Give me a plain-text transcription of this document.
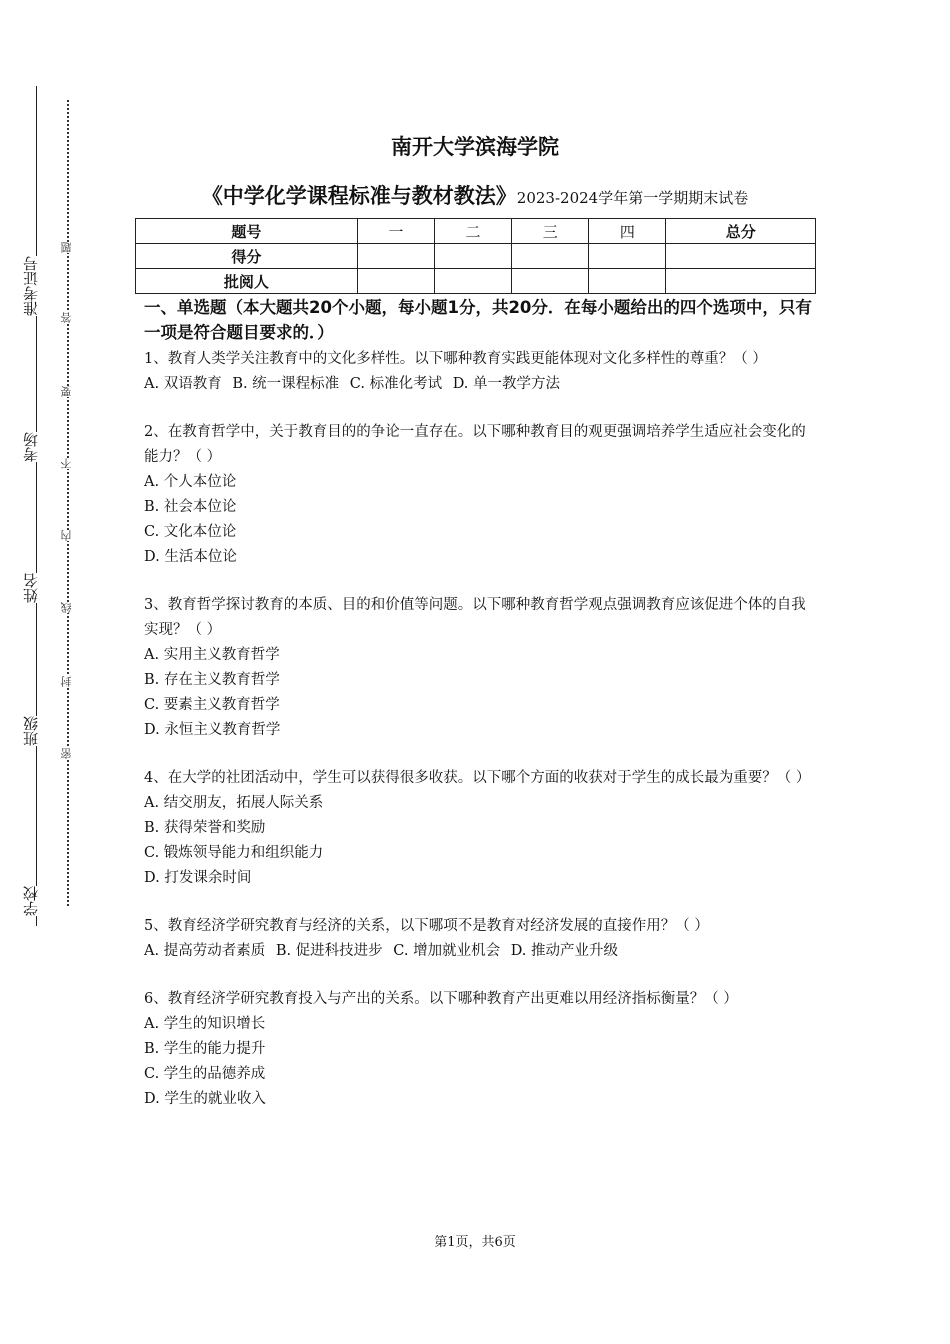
准考证号
考场
姓名
班级
学校
题
答
要
不
内
线
封
密
南开大学滨海学院
《中学化学课程标准与教材教法》2023-2024学年第一学期期末试卷
题号	一	二	三	四	总分
得分					
批阅人					

一、单选题（本大题共20个小题，每小题1分，共20分．在每小题给出的四个选项中，只有一项是符合题目要求的．）

1、教育人类学关注教育中的文化多样性。以下哪种教育实践更能体现对文化多样性的尊重？（ ）

A. 双语教育 B. 统一课程标准 C. 标准化考试 D. 单一教学方法

2、在教育哲学中，关于教育目的的争论一直存在。以下哪种教育目的观更强调培养学生适应社会变化的能力？（ ）

A. 个人本位论

B. 社会本位论

C. 文化本位论

D. 生活本位论

3、教育哲学探讨教育的本质、目的和价值等问题。以下哪种教育哲学观点强调教育应该促进个体的自我实现？（ ）

A. 实用主义教育哲学

B. 存在主义教育哲学

C. 要素主义教育哲学

D. 永恒主义教育哲学

4、在大学的社团活动中，学生可以获得很多收获。以下哪个方面的收获对于学生的成长最为重要？（ ）

A. 结交朋友，拓展人际关系

B. 获得荣誉和奖励

C. 锻炼领导能力和组织能力

D. 打发课余时间

5、教育经济学研究教育与经济的关系，以下哪项不是教育对经济发展的直接作用？（ ）

A. 提高劳动者素质 B. 促进科技进步 C. 增加就业机会 D. 推动产业升级

6、教育经济学研究教育投入与产出的关系。以下哪种教育产出更难以用经济指标衡量？（ ）

A. 学生的知识增长

B. 学生的能力提升

C. 学生的品德养成

D. 学生的就业收入

第1页，共6页
